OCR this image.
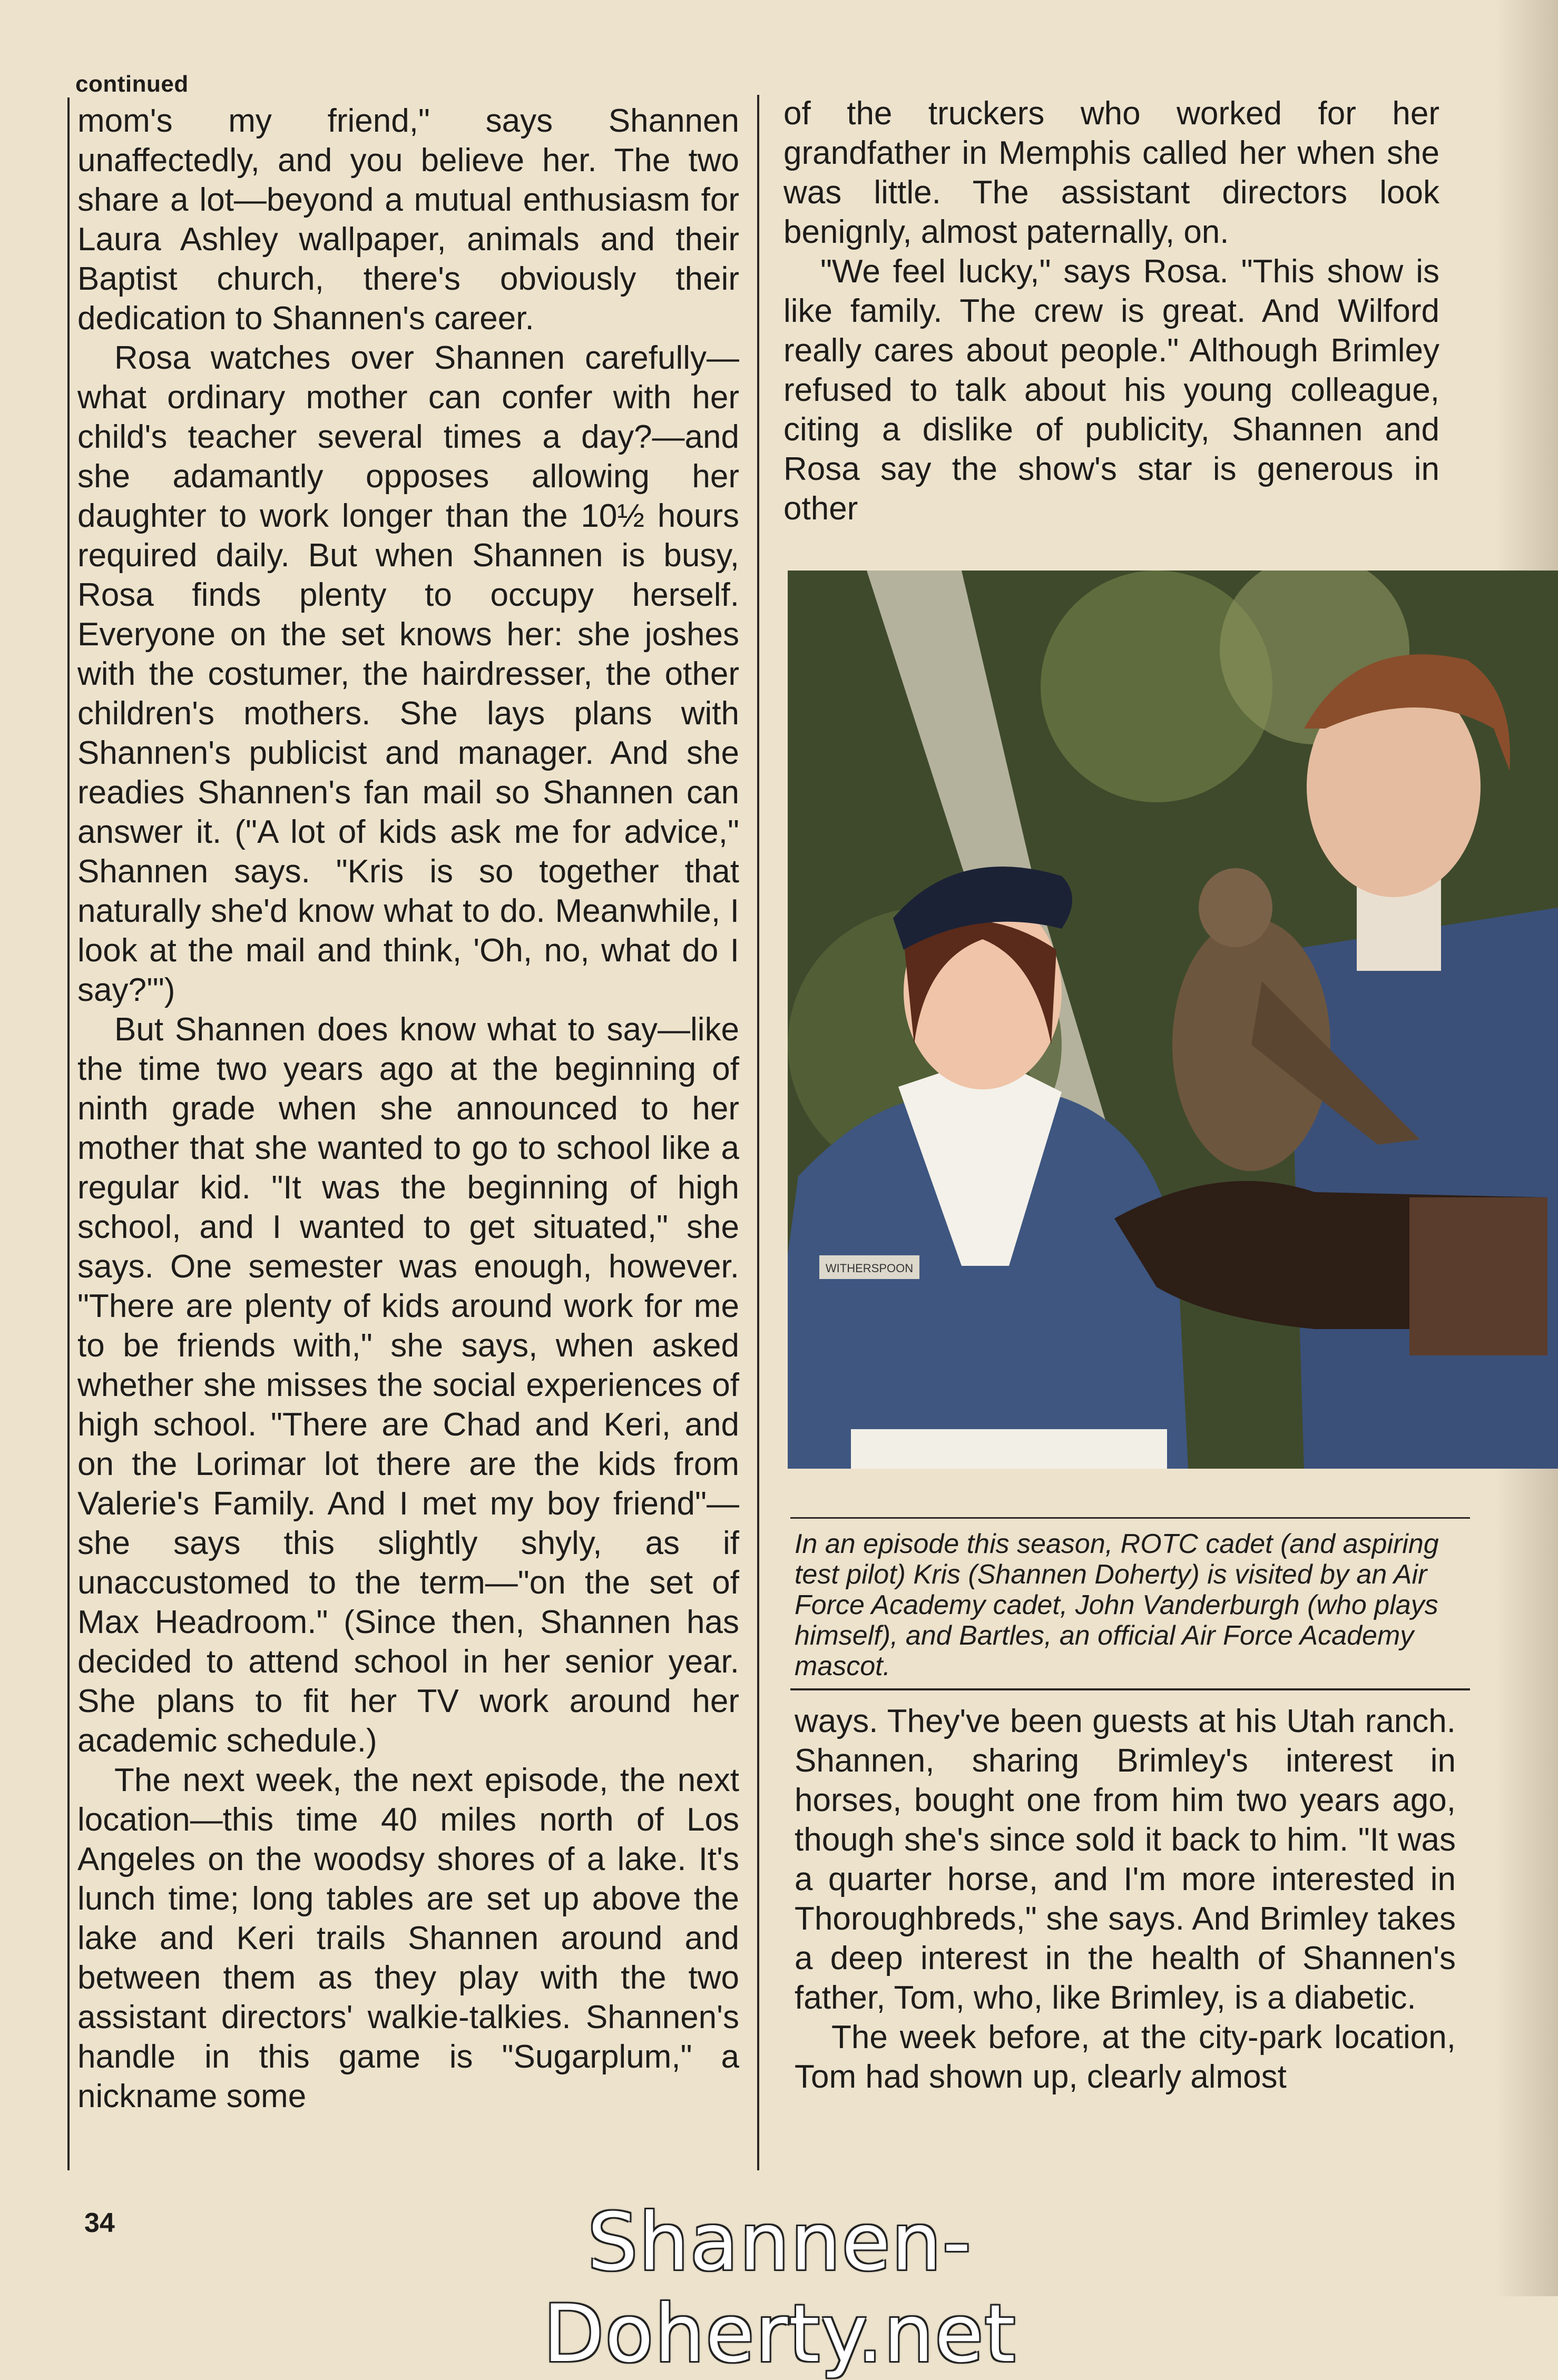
continued

mom's my friend," says Shannen unaffectedly, and you believe her. The two share a lot—beyond a mutual enthusiasm for Laura Ashley wallpaper, animals and their Baptist church, there's obviously their dedication to Shannen's career.

Rosa watches over Shannen carefully—what ordinary mother can confer with her child's teacher several times a day?—and she adamantly opposes allowing her daughter to work longer than the 10½ hours required daily. But when Shannen is busy, Rosa finds plenty to occupy herself. Everyone on the set knows her: she joshes with the costumer, the hairdresser, the other children's mothers. She lays plans with Shannen's publicist and manager. And she readies Shannen's fan mail so Shannen can answer it. ("A lot of kids ask me for advice," Shannen says. "Kris is so together that naturally she'd know what to do. Meanwhile, I look at the mail and think, 'Oh, no, what do I say?'")

But Shannen does know what to say—like the time two years ago at the beginning of ninth grade when she announced to her mother that she wanted to go to school like a regular kid. "It was the beginning of high school, and I wanted to get situated," she says. One semester was enough, however. "There are plenty of kids around work for me to be friends with," she says, when asked whether she misses the social experiences of high school. "There are Chad and Keri, and on the Lorimar lot there are the kids from Valerie's Family. And I met my boy friend"—she says this slightly shyly, as if unaccustomed to the term—"on the set of Max Headroom." (Since then, Shannen has decided to attend school in her senior year. She plans to fit her TV work around her academic schedule.)

The next week, the next episode, the next location—this time 40 miles north of Los Angeles on the woodsy shores of a lake. It's lunch time; long tables are set up above the lake and Keri trails Shannen around and between them as they play with the two assistant directors' walkie-talkies. Shannen's handle in this game is "Sugarplum," a nickname some

of the truckers who worked for her grandfather in Memphis called her when she was little. The assistant directors look benignly, almost paternally, on.

"We feel lucky," says Rosa. "This show is like family. The crew is great. And Wilford really cares about people." Although Brimley refused to talk about his young colleague, citing a dislike of publicity, Shannen and Rosa say the show's star is generous in other

WITHERSPOON
In an episode this season, ROTC cadet (and aspiring test pilot) Kris (Shannen Doherty) is visited by an Air Force Academy cadet, John Vanderburgh (who plays himself), and Bartles, an official Air Force Academy mascot.

ways. They've been guests at his Utah ranch. Shannen, sharing Brimley's interest in horses, bought one from him two years ago, though she's since sold it back to him. "It was a quarter horse, and I'm more interested in Thoroughbreds," she says. And Brimley takes a deep interest in the health of Shannen's father, Tom, who, like Brimley, is a diabetic.

The week before, at the city-park location, Tom had shown up, clearly almost

34	Shannen-Doherty.net
